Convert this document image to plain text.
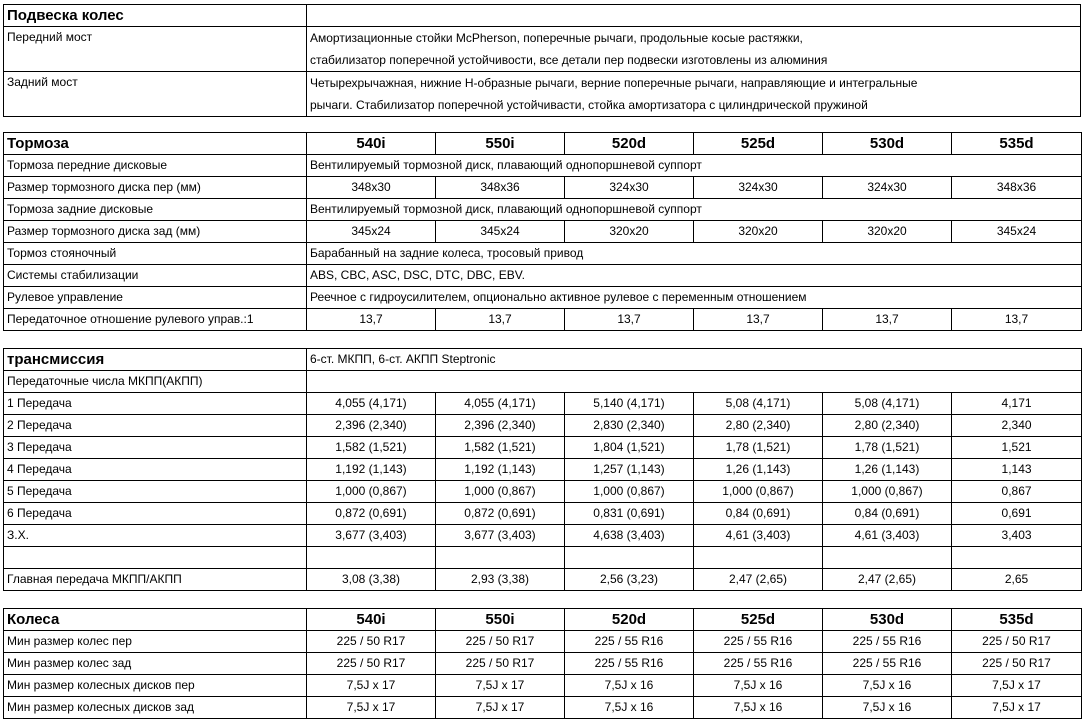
Подвеска колес	
Передний мост	Амортизационные стойки McPherson, поперечные рычаги, продольные косые растяжки,
стабилизатор поперечной устойчивости, все детали пер подвески изготовлены из алюминия

Задний мост	Четырехрычажная, нижние Н-образные рычаги, верние поперечные рычаги, направляющие и интегральные
рычаги. Стабилизатор поперечной устойчивасти, стойка амортизатора с цилиндрической пружиной
Тормоза	540i	550i	520d	525d	530d	535d
Тормоза передние дисковые	Вентилируемый тормозной диск, плавающий однопоршневой суппорт					
Размер тормозного диска пер (мм)	348x30	348x36	324x30	324x30	324x30	348x36
Тормоза задние дисковые	Вентилируемый тормозной диск, плавающий однопоршневой суппорт					
Размер тормозного диска зад (мм)	345x24	345x24	320x20	320x20	320x20	345x24
Тормоз стояночный	Барабанный на задние колеса, тросовый привод					
Системы стабилизации	ABS, CBC, ASC, DSC, DTC, DBC, EBV.					
Рулевое управление	Реечное с гидроусилителем, опционально активное рулевое с переменным отношением					
Передаточное отношение рулевого управ.:1	13,7	13,7	13,7	13,7	13,7	13,7
трансмиссия	6-ст. МКПП, 6-ст. АКПП Steptronic					
Передаточные числа МКПП(АКПП)						
1 Передача	4,055 (4,171)	4,055 (4,171)	5,140 (4,171)	5,08 (4,171)	5,08 (4,171)	4,171
2 Передача	2,396 (2,340)	2,396 (2,340)	2,830 (2,340)	2,80 (2,340)	2,80 (2,340)	2,340
3 Передача	1,582 (1,521)	1,582 (1,521)	1,804 (1,521)	1,78 (1,521)	1,78 (1,521)	1,521
4 Передача	1,192 (1,143)	1,192 (1,143)	1,257 (1,143)	1,26 (1,143)	1,26 (1,143)	1,143
5 Передача	1,000 (0,867)	1,000 (0,867)	1,000 (0,867)	1,000 (0,867)	1,000 (0,867)	0,867
6 Передача	0,872 (0,691)	0,872 (0,691)	0,831 (0,691)	0,84 (0,691)	0,84 (0,691)	0,691
З.Х.	3,677 (3,403)	3,677 (3,403)	4,638 (3,403)	4,61 (3,403)	4,61 (3,403)	3,403

Главная передача МКПП/АКПП	3,08 (3,38)	2,93 (3,38)	2,56 (3,23)	2,47 (2,65)	2,47 (2,65)	2,65
Колеса	540i	550i	520d	525d	530d	535d
Мин размер колес пер	225 / 50 R17	225 / 50 R17	225 / 55 R16	225 / 55 R16	225 / 55 R16	225 / 50 R17
Мин размер колес зад	225 / 50 R17	225 / 50 R17	225 / 55 R16	225 / 55 R16	225 / 55 R16	225 / 50 R17
Мин размер колесных дисков пер	7,5J x 17	7,5J x 17	7,5J x 16	7,5J x 16	7,5J x 16	7,5J x 17
Мин размер колесных дисков зад	7,5J x 17	7,5J x 17	7,5J x 16	7,5J x 16	7,5J x 16	7,5J x 17
